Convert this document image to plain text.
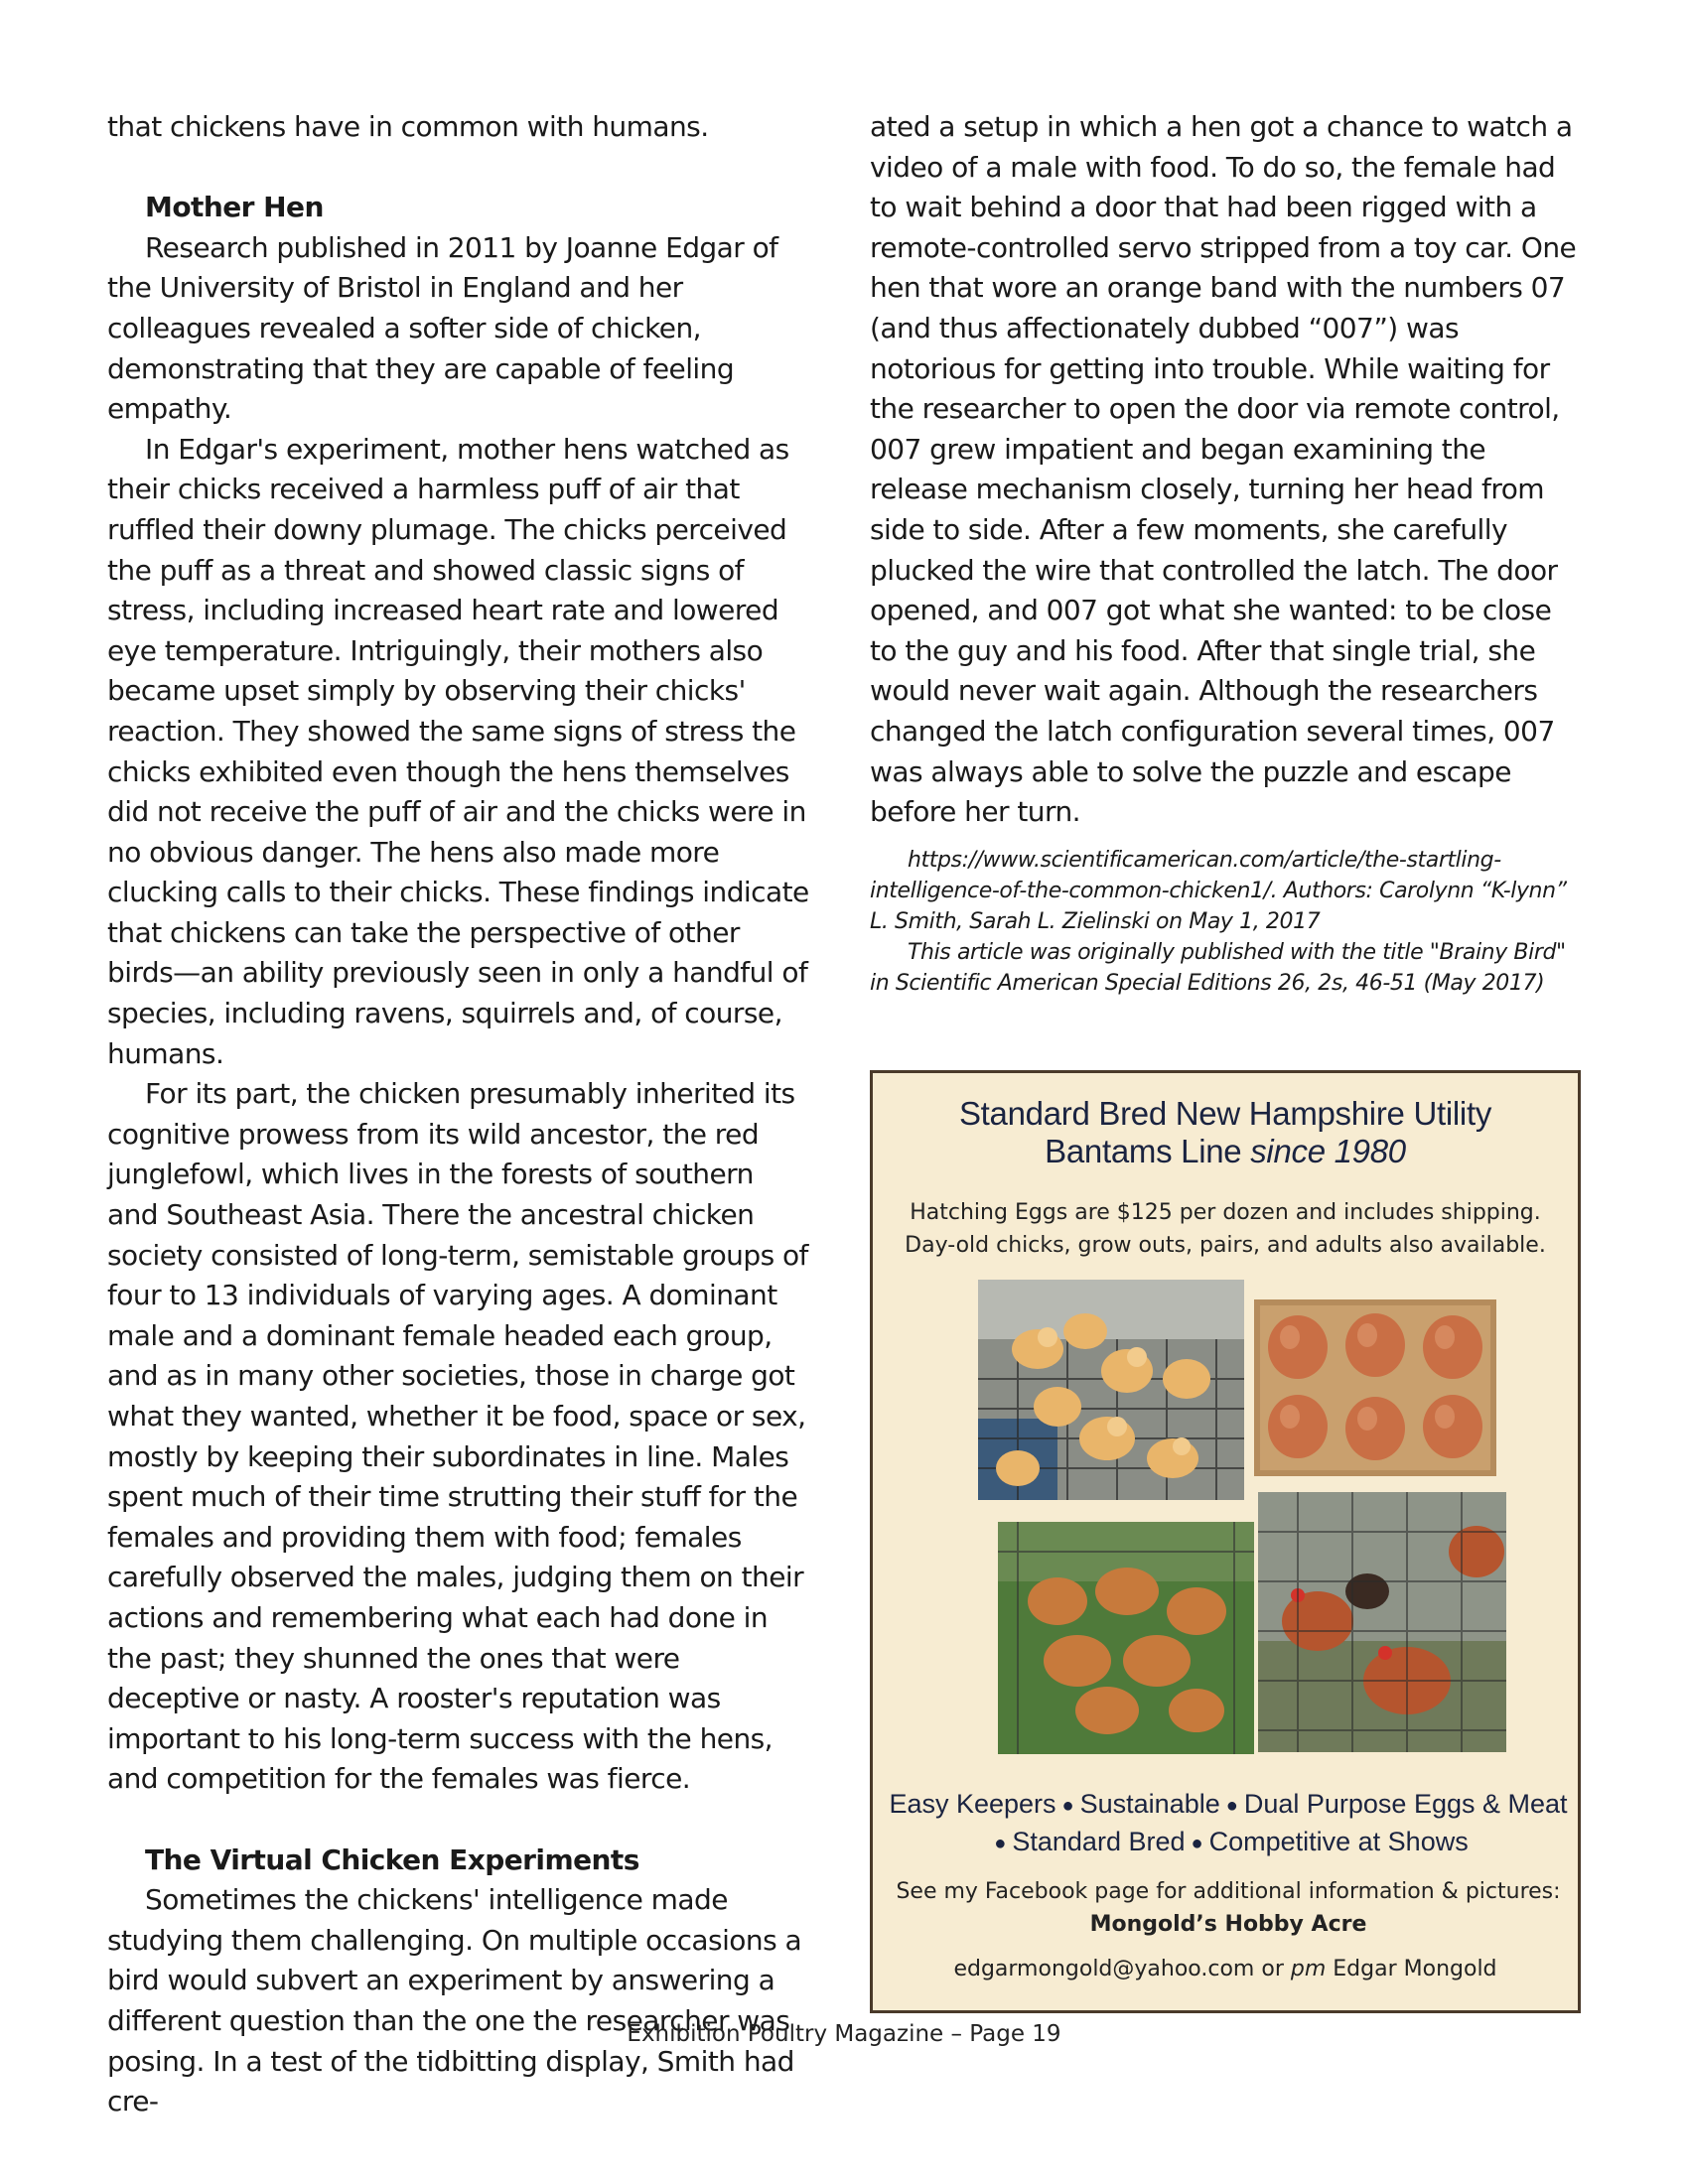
that chickens have in common with humans.

Mother Hen

Research published in 2011 by Joanne Edgar of the University of Bristol in England and her colleagues revealed a softer side of chicken, demonstrating that they are capable of feeling empathy.

In Edgar's experiment, mother hens watched as their chicks received a harmless puff of air that ruffled their downy plumage. The chicks perceived the puff as a threat and showed classic signs of stress, including increased heart rate and lowered eye temperature. Intriguingly, their mothers also became upset simply by observing their chicks' reaction. They showed the same signs of stress the chicks exhibited even though the hens themselves did not receive the puff of air and the chicks were in no obvious danger. The hens also made more clucking calls to their chicks. These findings indicate that chickens can take the perspective of other birds—an ability previously seen in only a handful of species, including ravens, squirrels and, of course, humans.

For its part, the chicken presumably inherited its cognitive prowess from its wild ancestor, the red junglefowl, which lives in the forests of southern and Southeast Asia. There the ancestral chicken society consisted of long-term, semistable groups of four to 13 individuals of varying ages. A dominant male and a dominant female headed each group, and as in many other societies, those in charge got what they wanted, whether it be food, space or sex, mostly by keeping their subordinates in line. Males spent much of their time strutting their stuff for the females and providing them with food; females carefully observed the males, judging them on their actions and remembering what each had done in the past; they shunned the ones that were deceptive or nasty. A rooster's reputation was important to his long-term success with the hens, and competition for the females was fierce.

The Virtual Chicken Experiments

Sometimes the chickens' intelligence made studying them challenging. On multiple occasions a bird would subvert an experiment by answering a different question than the one the researcher was posing. In a test of the tidbitting display, Smith had cre-

ated a setup in which a hen got a chance to watch a video of a male with food. To do so, the female had to wait behind a door that had been rigged with a remote-controlled servo stripped from a toy car. One hen that wore an orange band with the numbers 07 (and thus affectionately dubbed “007”) was notorious for getting into trouble. While waiting for the researcher to open the door via remote control, 007 grew impatient and began examining the release mechanism closely, turning her head from side to side. After a few moments, she carefully plucked the wire that controlled the latch. The door opened, and 007 got what she wanted: to be close to the guy and his food. After that single trial, she would never wait again. Although the researchers changed the latch configuration several times, 007 was always able to solve the puzzle and escape before her turn.

https://www.scientificamerican.com/article/the-startling-intelligence-of-the-common-chicken1/. Authors: Carolynn “K-lynn” L. Smith, Sarah L. Zielinski on May 1, 2017

This article was originally published with the title "Brainy Bird" in Scientific American Special Editions 26, 2s, 46-51 (May 2017)

Standard Bred New Hampshire Utility
Bantams Line since 1980
Hatching Eggs are $125 per dozen and includes shipping.
Day-old chicks, grow outs, pairs, and adults also available.
Easy Keepers ● Sustainable ● Dual Purpose Eggs & Meat
● Standard Bred ● Competitive at Shows
See my Facebook page for additional information & pictures: Mongold’s Hobby Acre
edgarmongold@yahoo.com or pm Edgar Mongold
Exhibition Poultry Magazine – Page 19
